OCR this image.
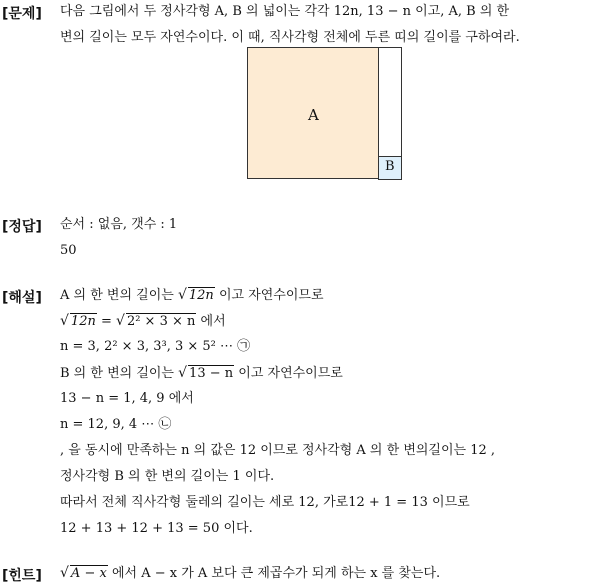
[문제] 다음 그림에서 두 정사각형 A, B 의 넓이는 각각 12n, 13 − n 이고, A, B 의 한
변의 길이는 모두 자연수이다. 이 때, 직사각형 전체에 두른 띠의 길이를 구하여라.
A
B
[정답] 순서 : 없음, 갯수 : 1
50
[해설] A 의 한 변의 길이는 √ 12n 이고 자연수이므로
√ 12n = √ 2² × 3 × n 에서
n = 3, 2² × 3, 3³, 3 × 5² ⋯ ㉠
B 의 한 변의 길이는 √ 13 − n 이고 자연수이므로
13 − n = 1, 4, 9 에서
n = 12, 9, 4 ⋯ ㉡
, 을 동시에 만족하는 n 의 값은 12 이므로 정사각형 A 의 한 변의길이는 12 ,
정사각형 B 의 한 변의 길이는 1 이다.
따라서 전체 직사각형 둘레의 길이는 세로 12, 가로12 + 1 = 13 이므로
12 + 13 + 12 + 13 = 50 이다.
[힌트] √ A − x 에서 A − x 가 A 보다 큰 제곱수가 되게 하는 x 를 찾는다.
